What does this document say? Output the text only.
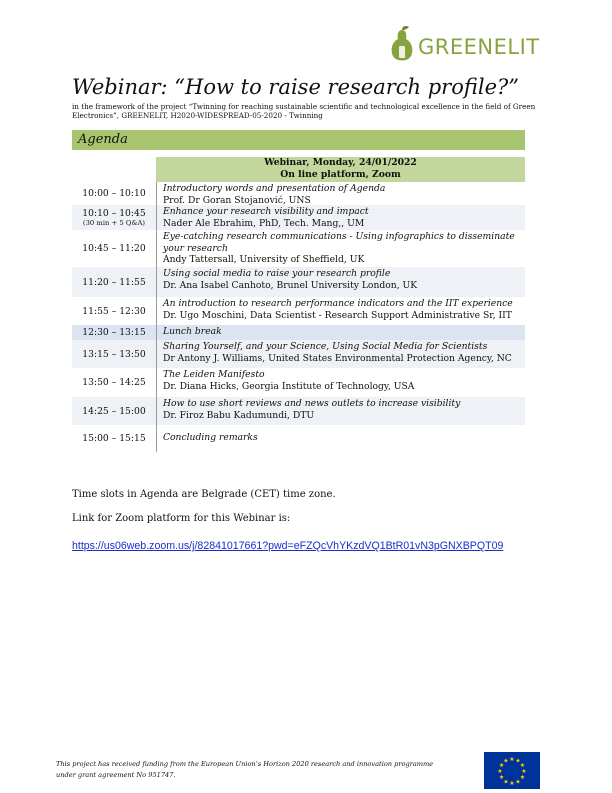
GREENELIT
Webinar: “How to raise research profile?”
in the framework of the project “Twinning for reaching sustainable scientific and technological excellence in the field of Green Electronics”, GREENELIT, H2020-WIDESPREAD-05-2020 - Twinning
Agenda
Webinar, Monday, 24/01/2022
On line platform, Zoom
10:00 – 10:10 Introductory words and presentation of Agenda
Prof. Dr Goran Stojanović, UNS
10:10 – 10:45
(30 min + 5 Q&A)
Enhance your research visibility and impact
Nader Ale Ebrahim, PhD, Tech. Mang,, UM
10:45 – 11:20
Eye-catching research communications - Using infographics to disseminate your research
Andy Tattersall, University of Sheffield, UK
11:20 – 11:55
Using social media to raise your research profile
Dr. Ana Isabel Canhoto, Brunel University London, UK
11:55 – 12:30
An introduction to research performance indicators and the IIT experience
Dr. Ugo Moschini, Data Scientist - Research Support Administrative Sr, IIT
12:30 – 13:15 Lunch break
13:15 – 13:50
Sharing Yourself, and your Science, Using Social Media for Scientists
Dr Antony J. Williams, United States Environmental Protection Agency, NC
13:50 – 14:25
The Leiden Manifesto
Dr. Diana Hicks, Georgia Institute of Technology, USA
14:25 – 15:00
How to use short reviews and news outlets to increase visibility
Dr. Firoz Babu Kadumundi, DTU
15:00 – 15:15 Concluding remarks
Time slots in Agenda are Belgrade (CET) time zone.
Link for Zoom platform for this Webinar is:
https://us06web.zoom.us/j/82841017661?pwd=eFZQcVhYKzdVQ1BtR01vN3pGNXBPQT09
This project has received funding from the European Union’s Horizon 2020 research and innovation programme under grant agreement No 951747.
★ ★
★
★
★
★
★
★
★
★
★
★
